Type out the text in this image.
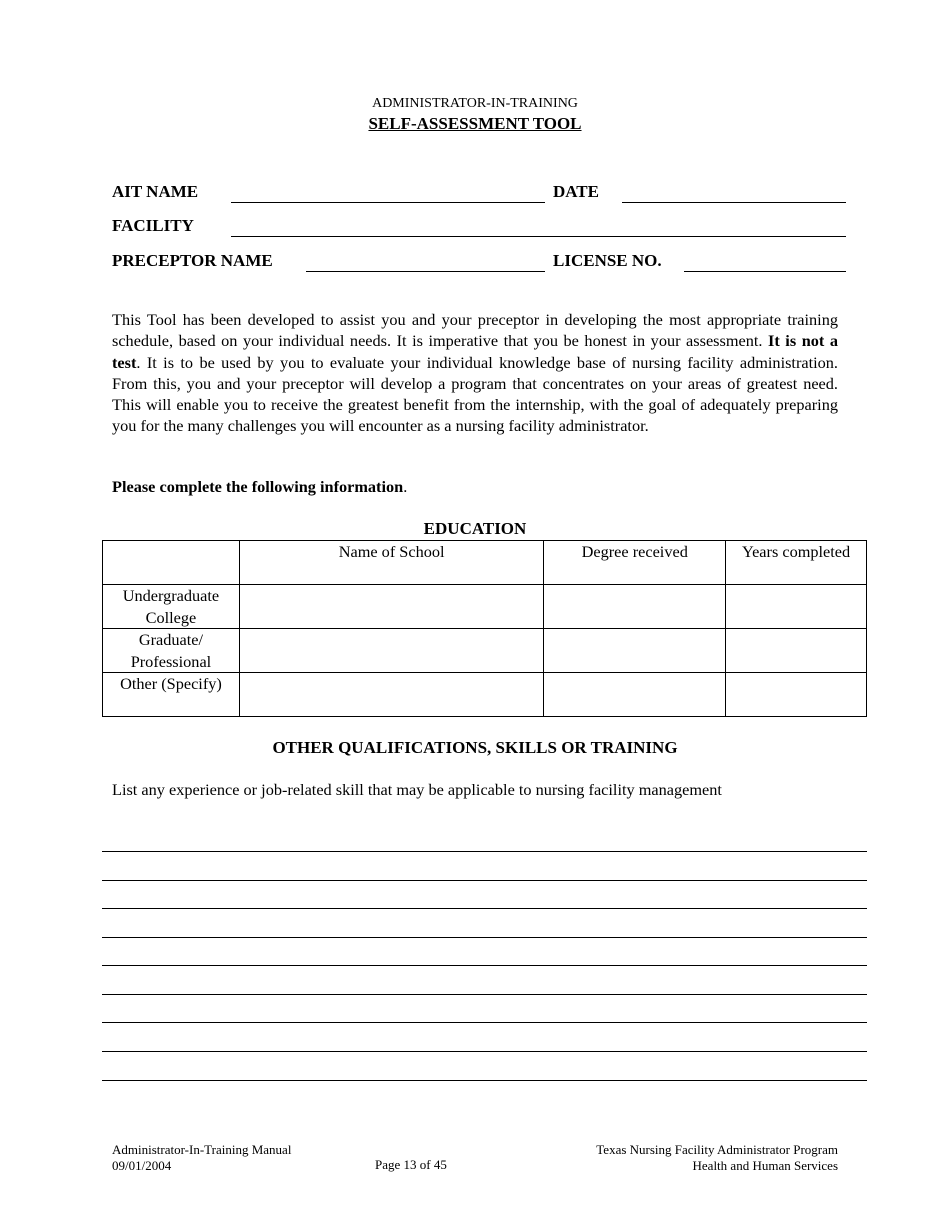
ADMINISTRATOR-IN-TRAINING
SELF-ASSESSMENT TOOL
AIT NAME	DATE
FACILITY
PRECEPTOR NAME	LICENSE NO.
This Tool has been developed to assist you and your preceptor in developing the most appropriate training schedule, based on your individual needs. It is imperative that you be honest in your assessment. It is not a test. It is to be used by you to evaluate your individual knowledge base of nursing facility administration. From this, you and your preceptor will develop a program that concentrates on your areas of greatest need. This will enable you to receive the greatest benefit from the internship, with the goal of adequately preparing you for the many challenges you will encounter as a nursing facility administrator.
Please complete the following information.
EDUCATION
	Name of School	Degree received	Years completed
Undergraduate College			
Graduate/ Professional			
Other (Specify)			
OTHER QUALIFICATIONS, SKILLS OR TRAINING
List any experience or job-related skill that may be applicable to nursing facility management
Administrator-In-Training Manual
09/01/2004	Page 13 of 45
Texas Nursing Facility Administrator Program
Health and Human Services
